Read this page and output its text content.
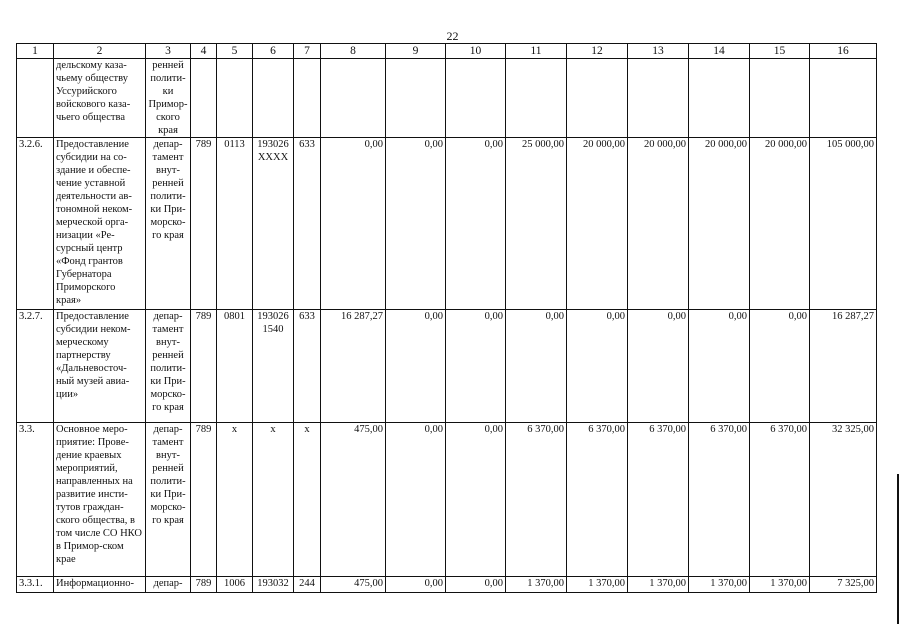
22
1	2	3	4	5	6	7	8	9	10	11	12	13	14	15	16
	дельскому каза-чьему обществу Уссурийского войскового каза-чьего общества	ренней полити-ки Примор-ского края													
3.2.6.	Предоставление субсидии на со-здание и обеспе-чение уставной деятельности ав-тономной неком-мерческой орга-низации «Ре-сурсный центр «Фонд грантов Губернатора Приморского края»	депар-тамент внут-ренней полити-ки При-морско-го края	789	0113	193026 XXXX	633	0,00	0,00	0,00	25 000,00	20 000,00	20 000,00	20 000,00	20 000,00	105 000,00
3.2.7.	Предоставление субсидии неком-мерческому партнерству «Дальневосточ-ный музей авиа-ции»	депар-тамент внут-ренней полити-ки При-морско-го края	789	0801	193026 1540	633	16 287,27	0,00	0,00	0,00	0,00	0,00	0,00	0,00	16 287,27
3.3.	Основное меро-приятие: Прове-дение краевых мероприятий, направленных на развитие инсти-тутов граждан-ского общества, в том числе СО НКО в Примор-ском крае	депар-тамент внут-ренней полити-ки При-морско-го края	789	x	x	x	475,00	0,00	0,00	6 370,00	6 370,00	6 370,00	6 370,00	6 370,00	32 325,00
3.3.1.	Информационно-	депар-	789	1006	193032	244	475,00	0,00	0,00	1 370,00	1 370,00	1 370,00	1 370,00	1 370,00	7 325,00
